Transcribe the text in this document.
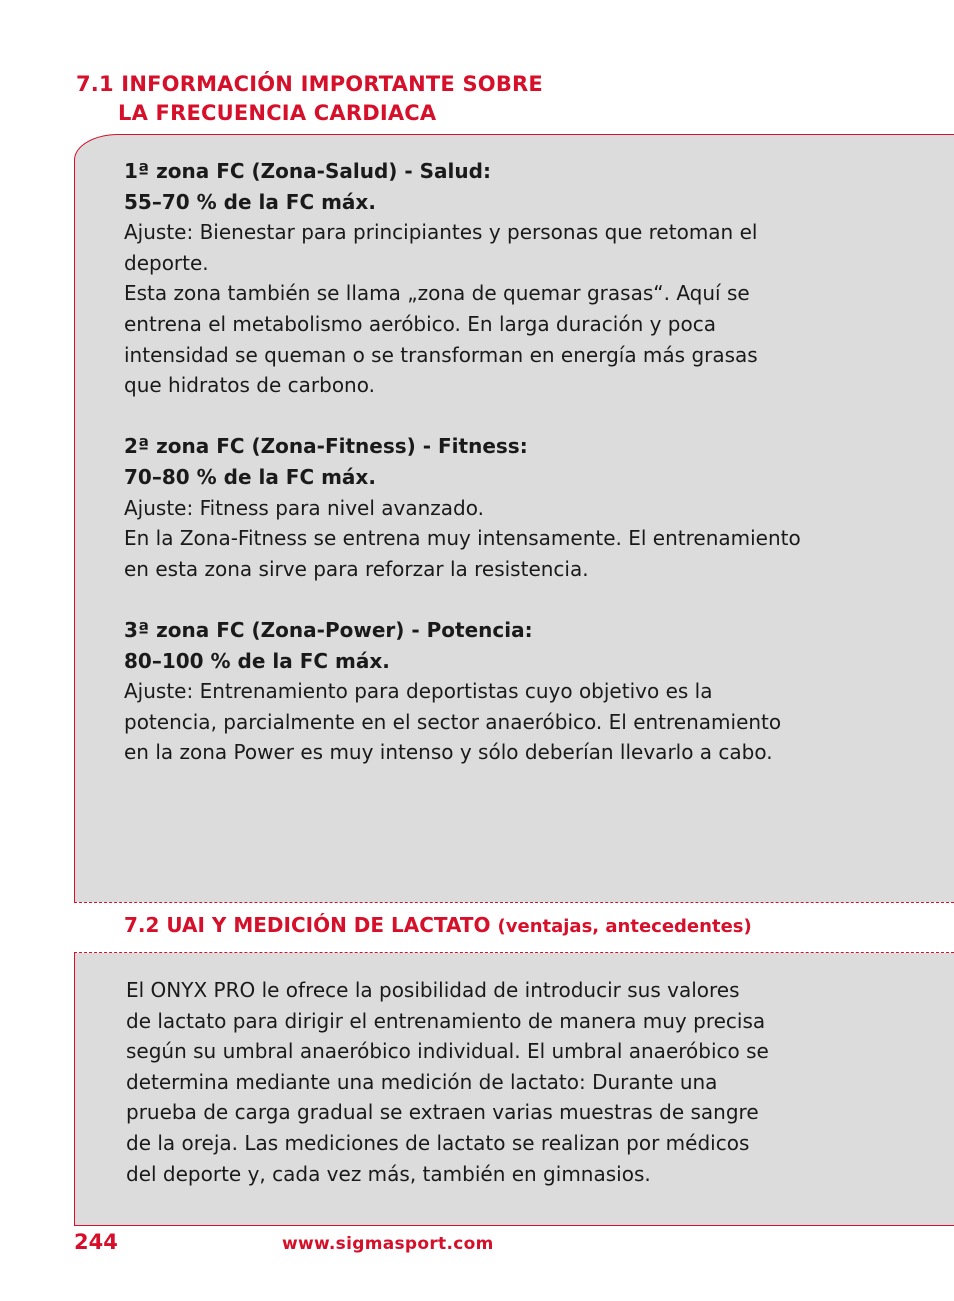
7.1 INFORMACIÓN IMPORTANTE SOBRE
LA FRECUENCIA CARDIACA

1ª zona FC (Zona-Salud) - Salud:

55–70 % de la FC máx.

Ajuste: Bienestar para principiantes y personas que retoman el

deporte.

Esta zona también se llama „zona de quemar grasas“. Aquí se

entrena el metabolismo aeróbico. En larga duración y poca

intensidad se queman o se transforman en energía más grasas

que hidratos de carbono.

2ª zona FC (Zona-Fitness) - Fitness:

70–80 % de la FC máx.

Ajuste: Fitness para nivel avanzado.

En la Zona-Fitness se entrena muy intensamente. El entrenamiento

en esta zona sirve para reforzar la resistencia.

3ª zona FC (Zona-Power) - Potencia:

80–100 % de la FC máx.

Ajuste: Entrenamiento para deportistas cuyo objetivo es la

potencia, parcialmente en el sector anaeróbico. El entrenamiento

en la zona Power es muy intenso y sólo deberían llevarlo a cabo.

7.2 UAI Y MEDICIÓN DE LACTATO (ventajas, antecedentes)
El ONYX PRO le ofrece la posibilidad de introducir sus valores
de lactato para dirigir el entrenamiento de manera muy precisa
según su umbral anaeróbico individual. El umbral anaeróbico se
determina mediante una medición de lactato: Durante una
prueba de carga gradual se extraen varias muestras de sangre
de la oreja. Las mediciones de lactato se realizan por médicos
del deporte y, cada vez más, también en gimnasios.

244	www.sigmasport.com
